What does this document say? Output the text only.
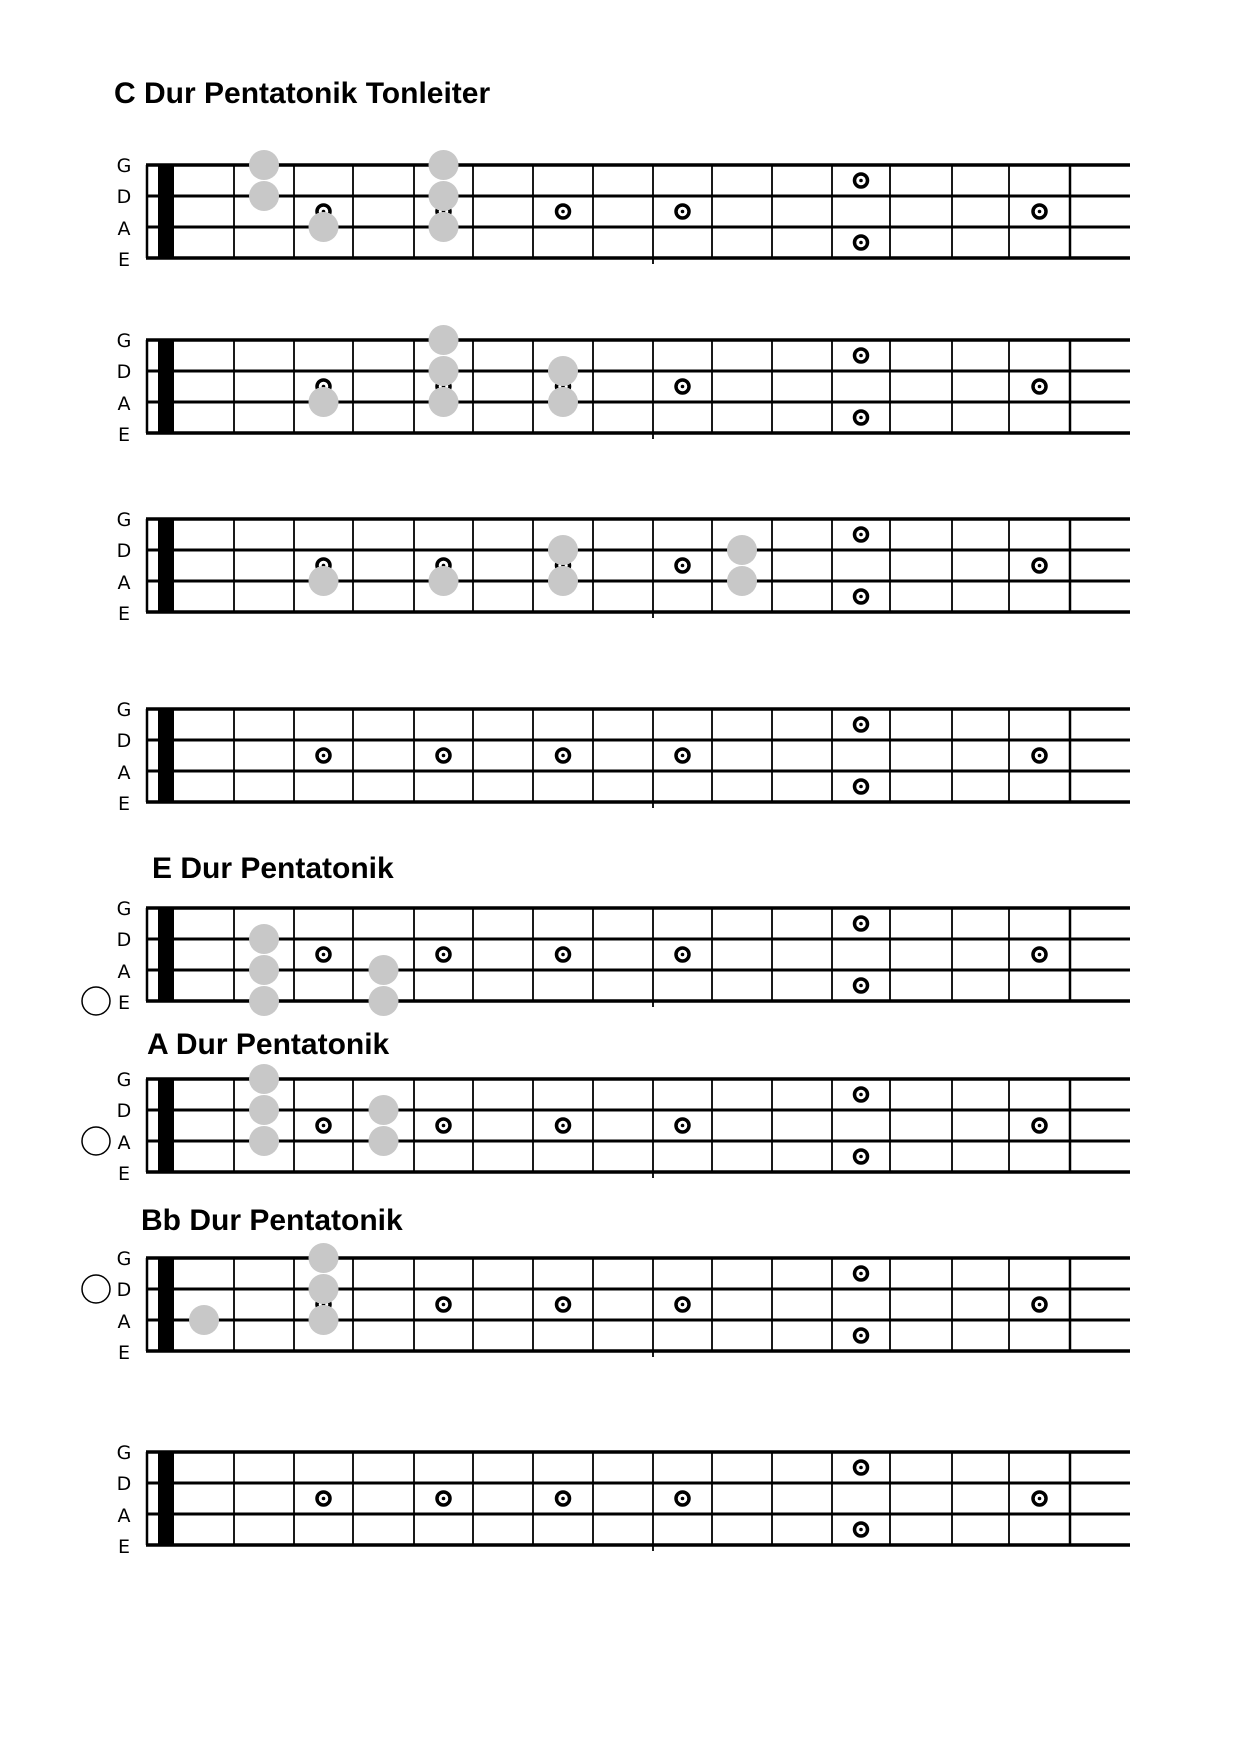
C Dur Pentatonik Tonleiter
G
D
A
E
G
D
A
E
G
D
A
E
G
D
A
E
E Dur Pentatonik
G
D
A
E
A Dur Pentatonik
G
D
A
E
Bb Dur Pentatonik
G
D
A
E
G
D
A
E
